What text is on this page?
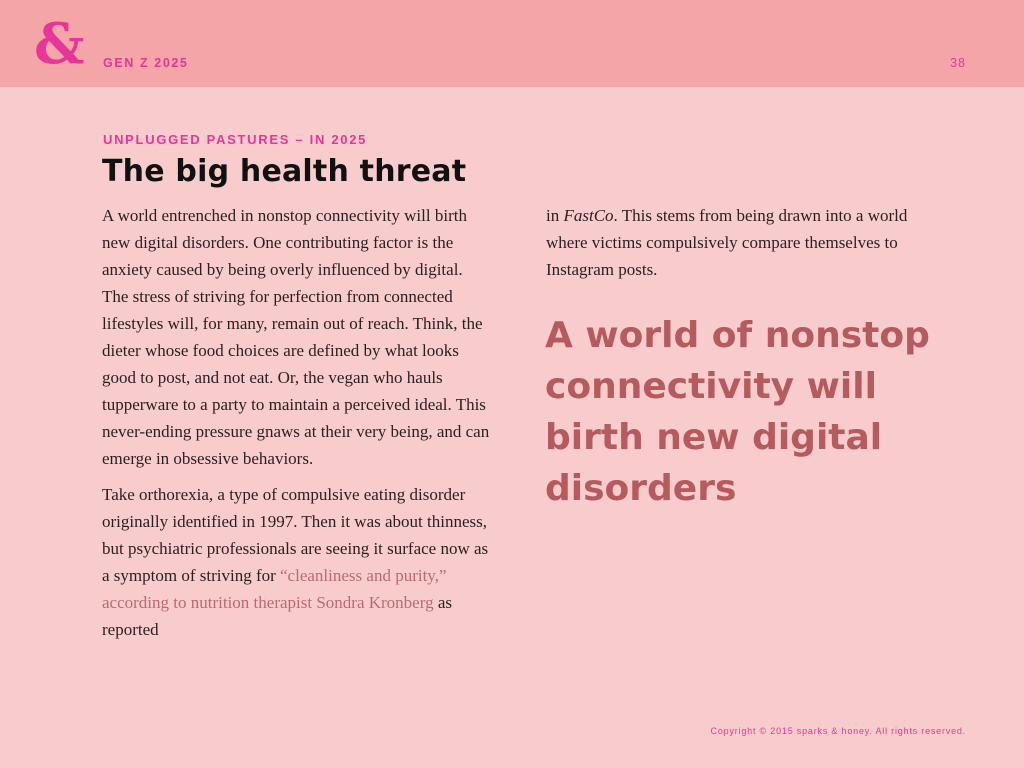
& GEN Z 2025	38
UNPLUGGED PASTURES – IN 2025
The big health threat

A world entrenched in nonstop connectivity will birth new digital disorders. One contributing factor is the anxiety caused by being overly influenced by digital. The stress of striving for perfection from connected lifestyles will, for many, remain out of reach. Think, the dieter whose food choices are defined by what looks good to post, and not eat. Or, the vegan who hauls tupperware to a party to maintain a perceived ideal. This never-ending pressure gnaws at their very being, and can emerge in obsessive behaviors.

Take orthorexia, a type of compulsive eating disorder originally identified in 1997. Then it was about thinness, but psychiatric professionals are seeing it surface now as a symptom of striving for “cleanliness and purity,” according to nutrition therapist Sondra Kronberg as reported

in FastCo. This stems from being drawn into a world where victims compulsively compare themselves to Instagram posts.

A world of nonstop connectivity will birth new digital disorders
Copyright © 2015 sparks & honey. All rights reserved.
